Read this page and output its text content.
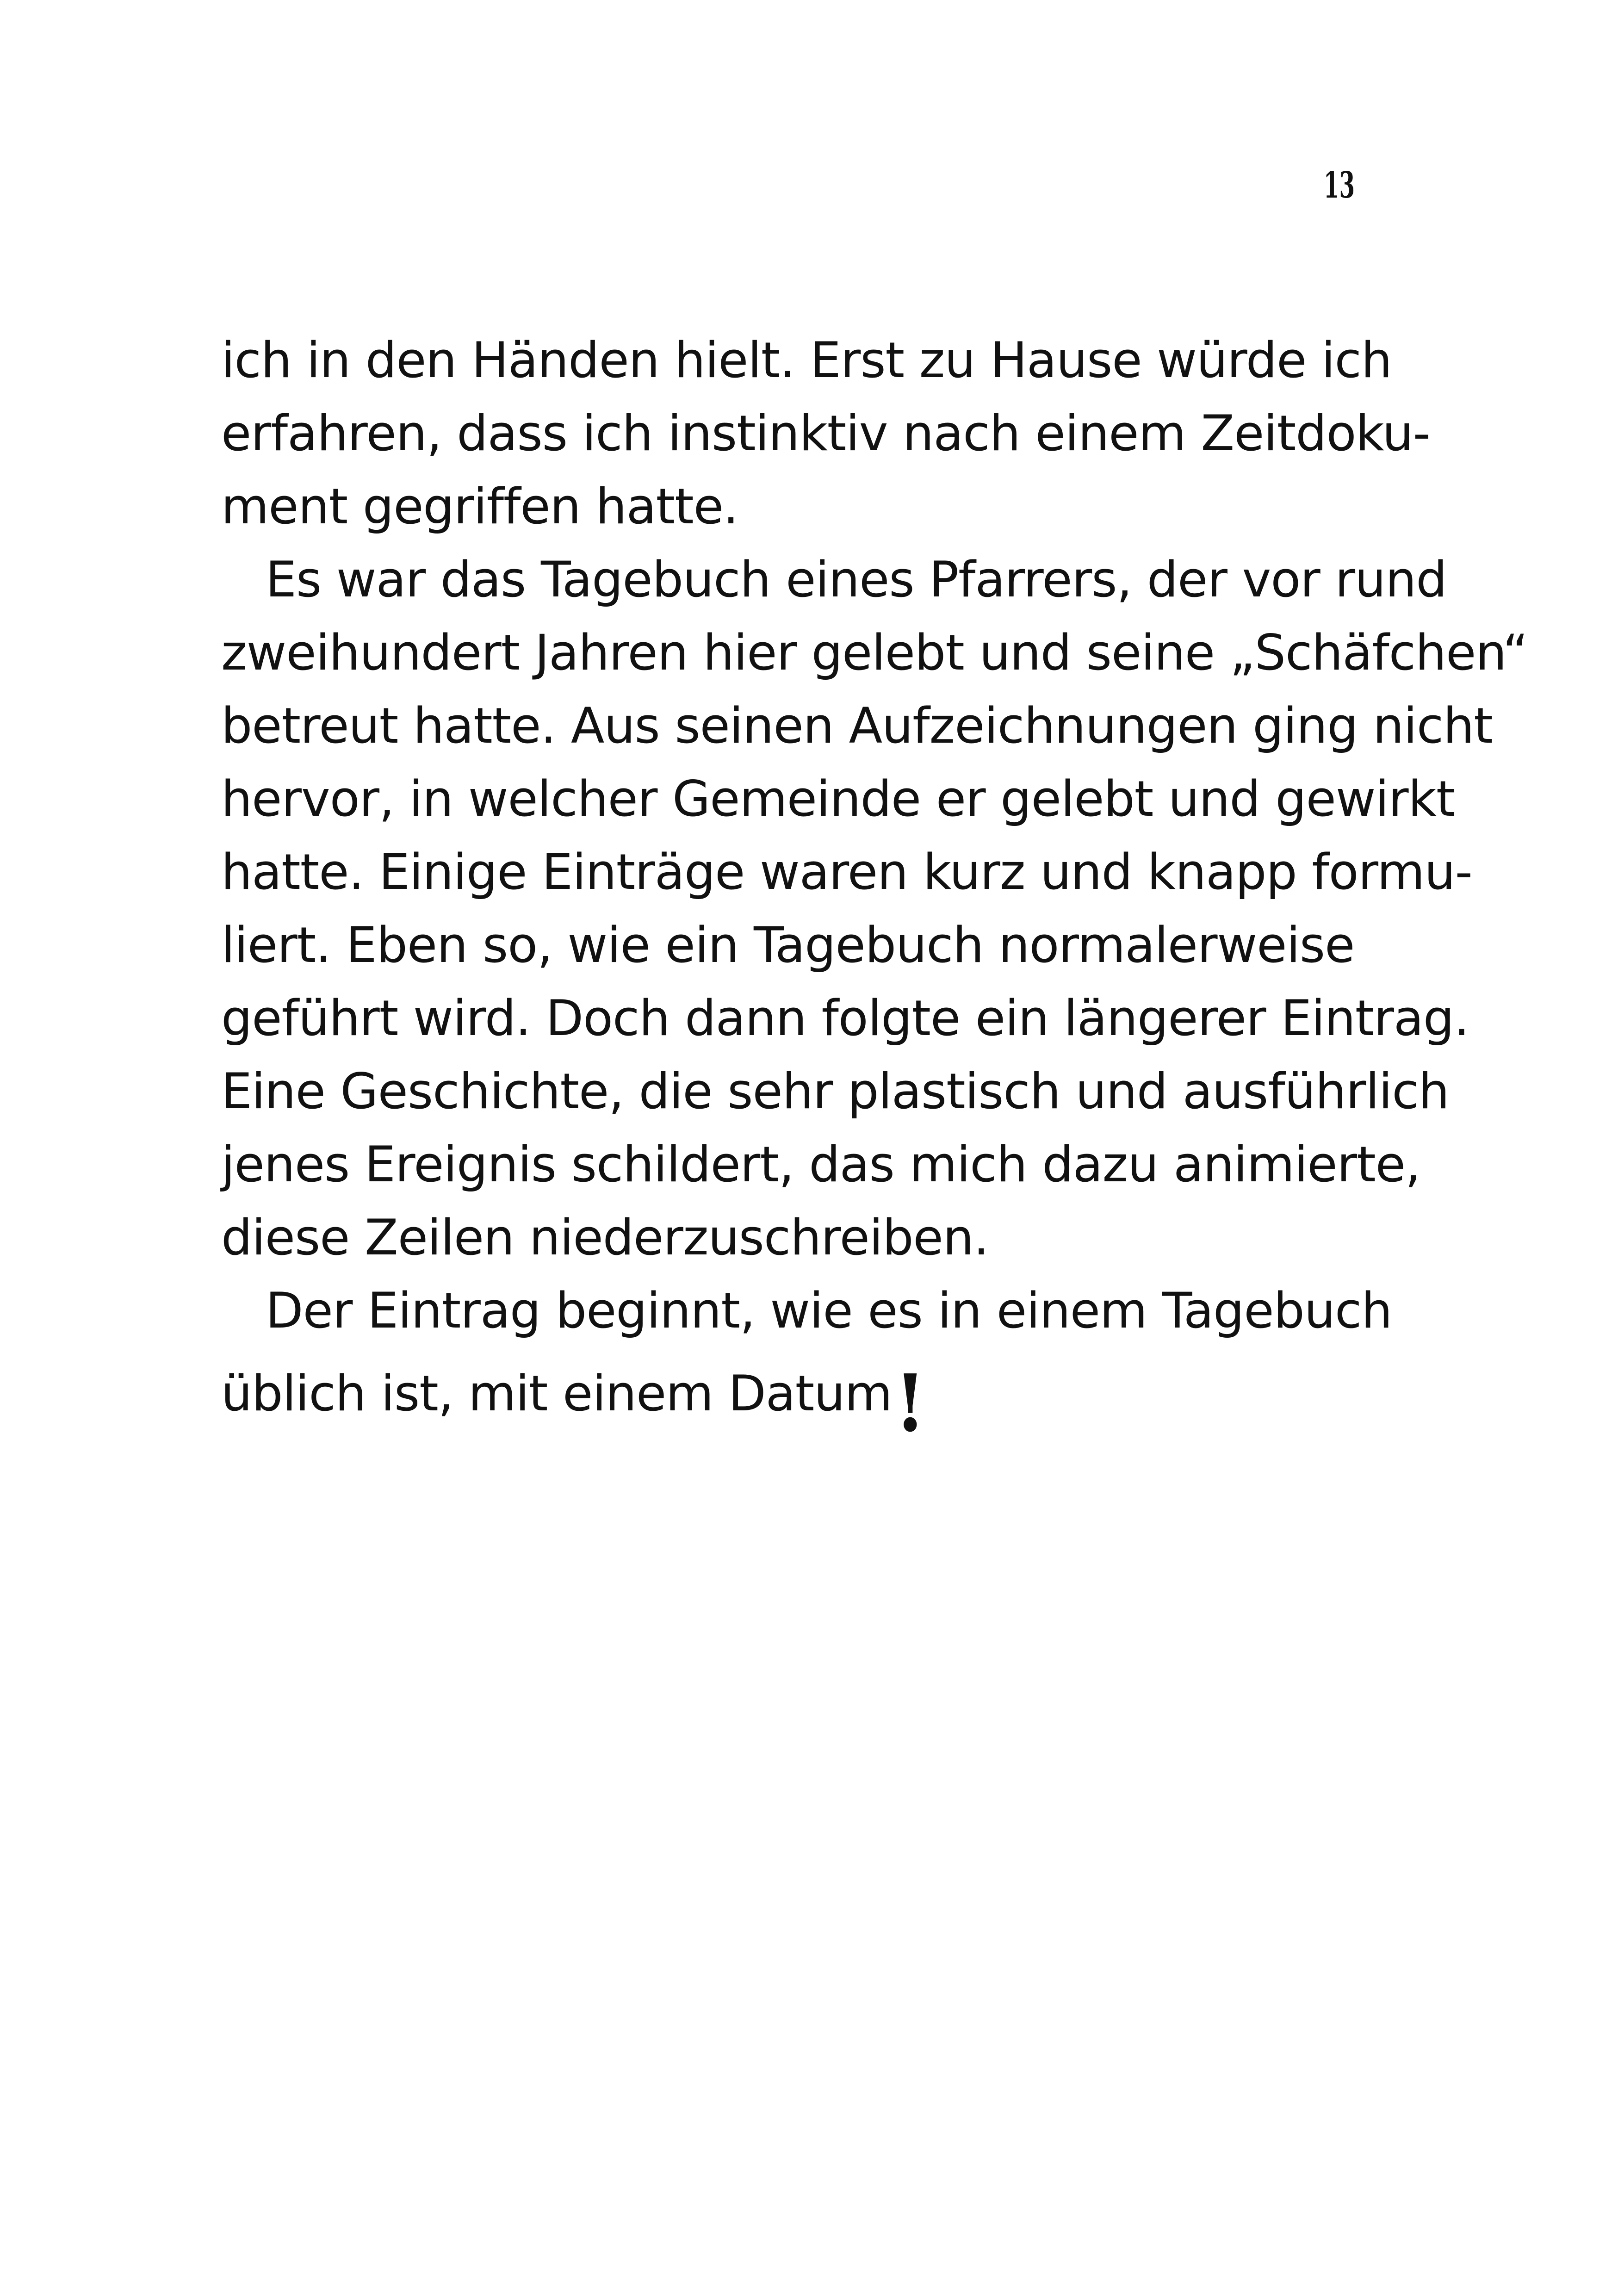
13
ich in den Händen hielt. Erst zu Hause würde ich
erfahren, dass ich instinktiv nach einem Zeitdoku-
ment gegriffen hatte.
Es war das Tagebuch eines Pfarrers, der vor rund
zweihundert Jahren hier gelebt und seine „Schäfchen“
betreut hatte. Aus seinen Aufzeichnungen ging nicht
hervor, in welcher Gemeinde er gelebt und gewirkt
hatte. Einige Einträge waren kurz und knapp formu-
liert. Eben so, wie ein Tagebuch normalerweise
geführt wird. Doch dann folgte ein längerer Eintrag.
Eine Geschichte, die sehr plastisch und ausführlich
jenes Ereignis schildert, das mich dazu animierte,
diese Zeilen niederzuschreiben.
Der Eintrag beginnt, wie es in einem Tagebuch
üblich ist, mit einem Datum !
